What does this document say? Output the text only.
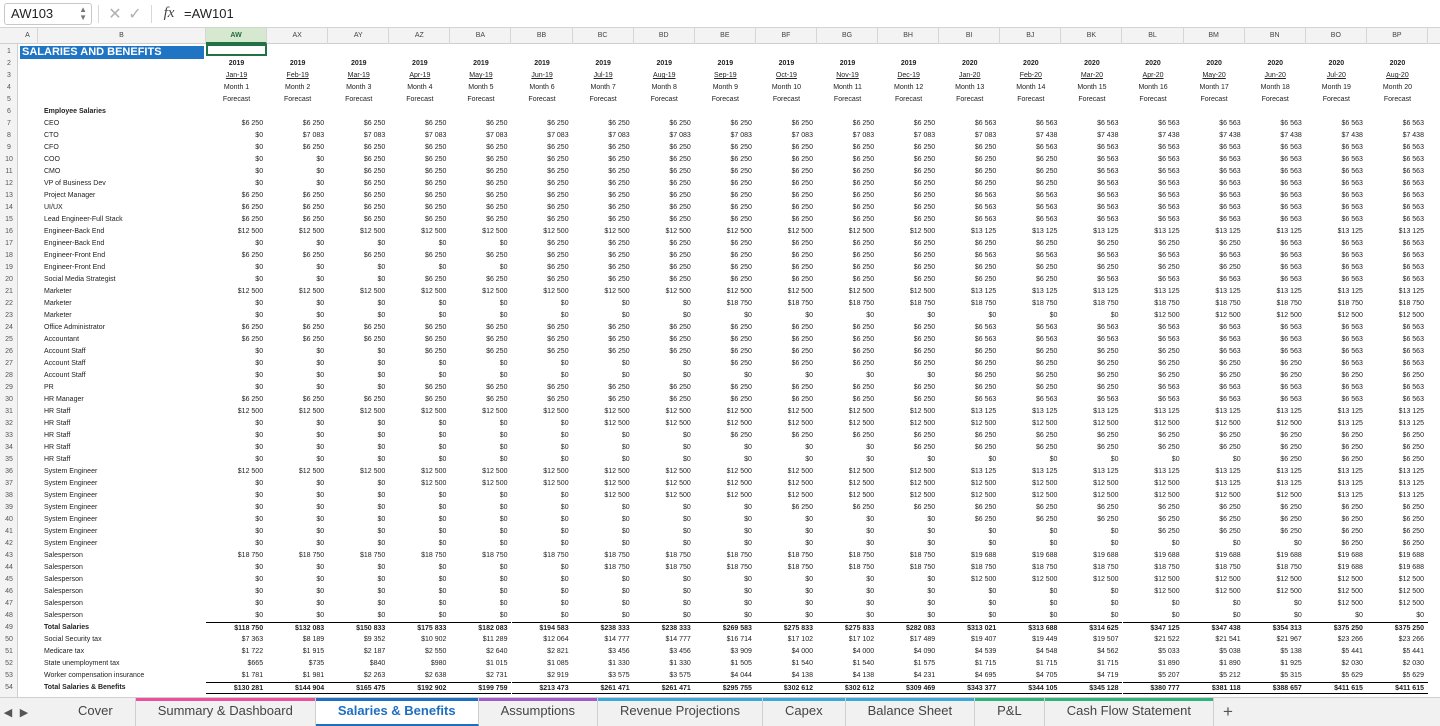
AW103	▲
▼ ✕ ✓	fx =AW101
A	B	AW	AX	AY	AZ	BA	BB	BC	BD	BE	BF	BG	BH	BI	BJ	BK	BL	BM	BN	BO	BP
1
2
3
4
5
6
7
8
9
10
11
12
13
14
15
16
17
18
19
20
21
22
23
24
25
26
27
28
29
30
31
32
33
34
35
36
37
38
39
40
41
42
43
44
45
46
47
48
49
50
51
52
53
54
2019	2019	2019	2019	2019	2019	2019	2019	2019	2019	2019	2019	2020	2020	2020	2020	2020	2020	2020	2020
Jan-19	Feb-19	Mar-19	Apr-19	May-19	Jun-19	Jul-19	Aug-19	Sep-19	Oct-19	Nov-19	Dec-19	Jan-20	Feb-20	Mar-20	Apr-20	May-20	Jun-20	Jul-20	Aug-20
Month 1	Month 2	Month 3	Month 4	Month 5	Month 6	Month 7	Month 8	Month 9	Month 10	Month 11	Month 12	Month 13	Month 14	Month 15	Month 16	Month 17	Month 18	Month 19	Month 20
Forecast	Forecast	Forecast	Forecast	Forecast	Forecast	Forecast	Forecast	Forecast	Forecast	Forecast	Forecast	Forecast	Forecast	Forecast	Forecast	Forecast	Forecast	Forecast	Forecast
Employee Salaries
CEO	$6 250	$6 250	$6 250	$6 250	$6 250	$6 250	$6 250	$6 250	$6 250	$6 250	$6 250	$6 250	$6 563	$6 563	$6 563	$6 563	$6 563	$6 563	$6 563	$6 563
CTO	$0	$7 083	$7 083	$7 083	$7 083	$7 083	$7 083	$7 083	$7 083	$7 083	$7 083	$7 083	$7 083	$7 438	$7 438	$7 438	$7 438	$7 438	$7 438	$7 438
CFO	$0	$6 250	$6 250	$6 250	$6 250	$6 250	$6 250	$6 250	$6 250	$6 250	$6 250	$6 250	$6 250	$6 563	$6 563	$6 563	$6 563	$6 563	$6 563	$6 563
COO	$0	$0	$6 250	$6 250	$6 250	$6 250	$6 250	$6 250	$6 250	$6 250	$6 250	$6 250	$6 250	$6 250	$6 563	$6 563	$6 563	$6 563	$6 563	$6 563
CMO	$0	$0	$6 250	$6 250	$6 250	$6 250	$6 250	$6 250	$6 250	$6 250	$6 250	$6 250	$6 250	$6 250	$6 563	$6 563	$6 563	$6 563	$6 563	$6 563
VP of Business Dev	$0	$0	$6 250	$6 250	$6 250	$6 250	$6 250	$6 250	$6 250	$6 250	$6 250	$6 250	$6 250	$6 250	$6 563	$6 563	$6 563	$6 563	$6 563	$6 563
Project Manager	$6 250	$6 250	$6 250	$6 250	$6 250	$6 250	$6 250	$6 250	$6 250	$6 250	$6 250	$6 250	$6 563	$6 563	$6 563	$6 563	$6 563	$6 563	$6 563	$6 563
UI/UX	$6 250	$6 250	$6 250	$6 250	$6 250	$6 250	$6 250	$6 250	$6 250	$6 250	$6 250	$6 250	$6 563	$6 563	$6 563	$6 563	$6 563	$6 563	$6 563	$6 563
Lead Engineer-Full Stack	$6 250	$6 250	$6 250	$6 250	$6 250	$6 250	$6 250	$6 250	$6 250	$6 250	$6 250	$6 250	$6 563	$6 563	$6 563	$6 563	$6 563	$6 563	$6 563	$6 563
Engineer-Back End	$12 500	$12 500	$12 500	$12 500	$12 500	$12 500	$12 500	$12 500	$12 500	$12 500	$12 500	$12 500	$13 125	$13 125	$13 125	$13 125	$13 125	$13 125	$13 125	$13 125
Engineer-Back End	$0	$0	$0	$0	$0	$6 250	$6 250	$6 250	$6 250	$6 250	$6 250	$6 250	$6 250	$6 250	$6 250	$6 250	$6 250	$6 563	$6 563	$6 563
Engineer-Front End	$6 250	$6 250	$6 250	$6 250	$6 250	$6 250	$6 250	$6 250	$6 250	$6 250	$6 250	$6 250	$6 563	$6 563	$6 563	$6 563	$6 563	$6 563	$6 563	$6 563
Engineer-Front End	$0	$0	$0	$0	$0	$6 250	$6 250	$6 250	$6 250	$6 250	$6 250	$6 250	$6 250	$6 250	$6 250	$6 250	$6 250	$6 563	$6 563	$6 563
Social Media Strategist	$0	$0	$0	$6 250	$6 250	$6 250	$6 250	$6 250	$6 250	$6 250	$6 250	$6 250	$6 250	$6 250	$6 563	$6 563	$6 563	$6 563	$6 563	$6 563
Marketer	$12 500	$12 500	$12 500	$12 500	$12 500	$12 500	$12 500	$12 500	$12 500	$12 500	$12 500	$12 500	$13 125	$13 125	$13 125	$13 125	$13 125	$13 125	$13 125	$13 125
Marketer	$0	$0	$0	$0	$0	$0	$0	$0	$18 750	$18 750	$18 750	$18 750	$18 750	$18 750	$18 750	$18 750	$18 750	$18 750	$18 750	$18 750
Marketer	$0	$0	$0	$0	$0	$0	$0	$0	$0	$0	$0	$0	$0	$0	$0	$12 500	$12 500	$12 500	$12 500	$12 500
Office Administrator	$6 250	$6 250	$6 250	$6 250	$6 250	$6 250	$6 250	$6 250	$6 250	$6 250	$6 250	$6 250	$6 563	$6 563	$6 563	$6 563	$6 563	$6 563	$6 563	$6 563
Accountant	$6 250	$6 250	$6 250	$6 250	$6 250	$6 250	$6 250	$6 250	$6 250	$6 250	$6 250	$6 250	$6 563	$6 563	$6 563	$6 563	$6 563	$6 563	$6 563	$6 563
Account Staff	$0	$0	$0	$6 250	$6 250	$6 250	$6 250	$6 250	$6 250	$6 250	$6 250	$6 250	$6 250	$6 250	$6 250	$6 250	$6 563	$6 563	$6 563	$6 563
Account Staff	$0	$0	$0	$0	$0	$0	$0	$0	$6 250	$6 250	$6 250	$6 250	$6 250	$6 250	$6 250	$6 250	$6 250	$6 250	$6 563	$6 563
Account Staff	$0	$0	$0	$0	$0	$0	$0	$0	$0	$0	$0	$0	$6 250	$6 250	$6 250	$6 250	$6 250	$6 250	$6 250	$6 250
PR	$0	$0	$0	$6 250	$6 250	$6 250	$6 250	$6 250	$6 250	$6 250	$6 250	$6 250	$6 250	$6 250	$6 250	$6 563	$6 563	$6 563	$6 563	$6 563
HR Manager	$6 250	$6 250	$6 250	$6 250	$6 250	$6 250	$6 250	$6 250	$6 250	$6 250	$6 250	$6 250	$6 563	$6 563	$6 563	$6 563	$6 563	$6 563	$6 563	$6 563
HR Staff	$12 500	$12 500	$12 500	$12 500	$12 500	$12 500	$12 500	$12 500	$12 500	$12 500	$12 500	$12 500	$13 125	$13 125	$13 125	$13 125	$13 125	$13 125	$13 125	$13 125
HR Staff	$0	$0	$0	$0	$0	$0	$12 500	$12 500	$12 500	$12 500	$12 500	$12 500	$12 500	$12 500	$12 500	$12 500	$12 500	$12 500	$13 125	$13 125
HR Staff	$0	$0	$0	$0	$0	$0	$0	$0	$6 250	$6 250	$6 250	$6 250	$6 250	$6 250	$6 250	$6 250	$6 250	$6 250	$6 250	$6 250
HR Staff	$0	$0	$0	$0	$0	$0	$0	$0	$0	$0	$0	$6 250	$6 250	$6 250	$6 250	$6 250	$6 250	$6 250	$6 250	$6 250
HR Staff	$0	$0	$0	$0	$0	$0	$0	$0	$0	$0	$0	$0	$0	$0	$0	$0	$0	$6 250	$6 250	$6 250
System Engineer	$12 500	$12 500	$12 500	$12 500	$12 500	$12 500	$12 500	$12 500	$12 500	$12 500	$12 500	$12 500	$13 125	$13 125	$13 125	$13 125	$13 125	$13 125	$13 125	$13 125
System Engineer	$0	$0	$0	$12 500	$12 500	$12 500	$12 500	$12 500	$12 500	$12 500	$12 500	$12 500	$12 500	$12 500	$12 500	$12 500	$13 125	$13 125	$13 125	$13 125
System Engineer	$0	$0	$0	$0	$0	$0	$12 500	$12 500	$12 500	$12 500	$12 500	$12 500	$12 500	$12 500	$12 500	$12 500	$12 500	$12 500	$13 125	$13 125
System Engineer	$0	$0	$0	$0	$0	$0	$0	$0	$0	$6 250	$6 250	$6 250	$6 250	$6 250	$6 250	$6 250	$6 250	$6 250	$6 250	$6 250
System Engineer	$0	$0	$0	$0	$0	$0	$0	$0	$0	$0	$0	$0	$6 250	$6 250	$6 250	$6 250	$6 250	$6 250	$6 250	$6 250
System Engineer	$0	$0	$0	$0	$0	$0	$0	$0	$0	$0	$0	$0	$0	$0	$0	$6 250	$6 250	$6 250	$6 250	$6 250
System Engineer	$0	$0	$0	$0	$0	$0	$0	$0	$0	$0	$0	$0	$0	$0	$0	$0	$0	$0	$6 250	$6 250
Salesperson	$18 750	$18 750	$18 750	$18 750	$18 750	$18 750	$18 750	$18 750	$18 750	$18 750	$18 750	$18 750	$19 688	$19 688	$19 688	$19 688	$19 688	$19 688	$19 688	$19 688
Salesperson	$0	$0	$0	$0	$0	$0	$18 750	$18 750	$18 750	$18 750	$18 750	$18 750	$18 750	$18 750	$18 750	$18 750	$18 750	$18 750	$19 688	$19 688
Salesperson	$0	$0	$0	$0	$0	$0	$0	$0	$0	$0	$0	$0	$12 500	$12 500	$12 500	$12 500	$12 500	$12 500	$12 500	$12 500
Salesperson	$0	$0	$0	$0	$0	$0	$0	$0	$0	$0	$0	$0	$0	$0	$0	$12 500	$12 500	$12 500	$12 500	$12 500
Salesperson	$0	$0	$0	$0	$0	$0	$0	$0	$0	$0	$0	$0	$0	$0	$0	$0	$0	$0	$12 500	$12 500
Salesperson	$0	$0	$0	$0	$0	$0	$0	$0	$0	$0	$0	$0	$0	$0	$0	$0	$0	$0	$0	$0
Total Salaries	$118 750	$132 083	$150 833	$175 833	$182 083	$194 583	$238 333	$238 333	$269 583	$275 833	$275 833	$282 083	$313 021	$313 688	$314 625	$347 125	$347 438	$354 313	$375 250	$375 250
Social Security tax	$7 363	$8 189	$9 352	$10 902	$11 289	$12 064	$14 777	$14 777	$16 714	$17 102	$17 102	$17 489	$19 407	$19 449	$19 507	$21 522	$21 541	$21 967	$23 266	$23 266
Medicare tax	$1 722	$1 915	$2 187	$2 550	$2 640	$2 821	$3 456	$3 456	$3 909	$4 000	$4 000	$4 090	$4 539	$4 548	$4 562	$5 033	$5 038	$5 138	$5 441	$5 441
State unemployment tax	$665	$735	$840	$980	$1 015	$1 085	$1 330	$1 330	$1 505	$1 540	$1 540	$1 575	$1 715	$1 715	$1 715	$1 890	$1 890	$1 925	$2 030	$2 030
Worker compensation insurance	$1 781	$1 981	$2 263	$2 638	$2 731	$2 919	$3 575	$3 575	$4 044	$4 138	$4 138	$4 231	$4 695	$4 705	$4 719	$5 207	$5 212	$5 315	$5 629	$5 629
Total Salaries & Benefits	$130 281	$144 904	$165 475	$192 902	$199 759	$213 473	$261 471	$261 471	$295 755	$302 612	$302 612	$309 469	$343 377	$344 105	$345 128	$380 777	$381 118	$388 657	$411 615	$411 615
SALARIES AND BENEFITS
◀ ▶	Cover	Summary & Dashboard	Salaries & Benefits	Assumptions	Revenue Projections	Capex	Balance Sheet	P&L	Cash Flow Statement	+
